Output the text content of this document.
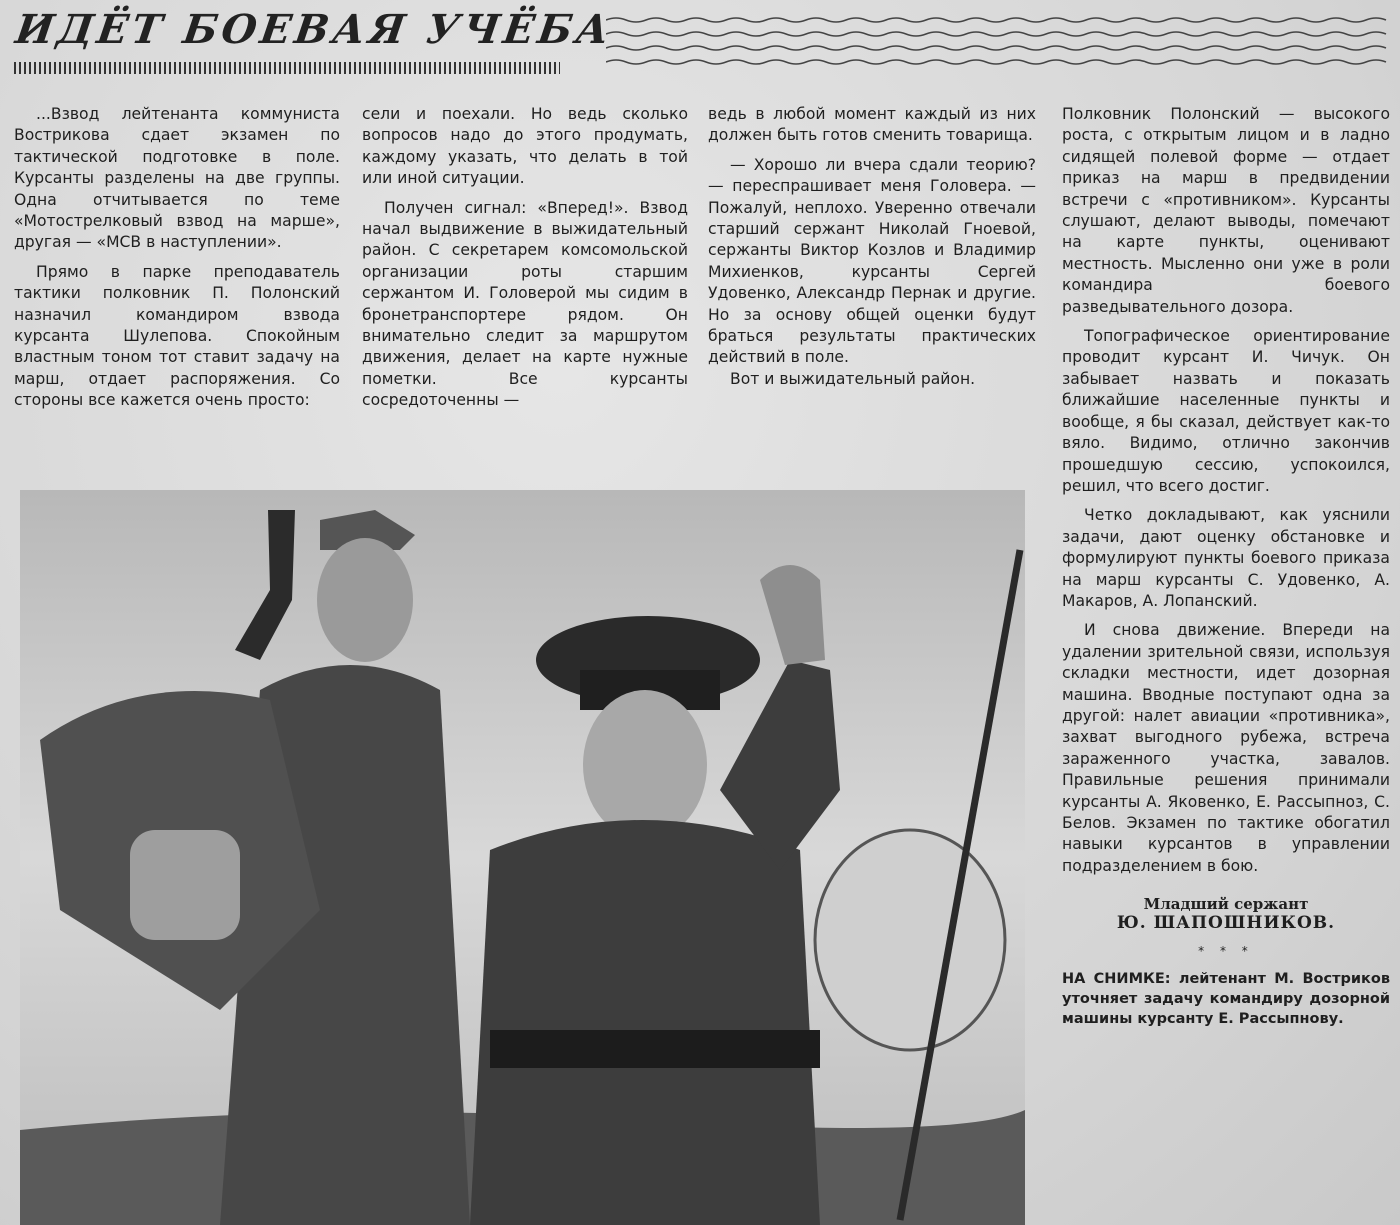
ИДЁТ БОЕВАЯ УЧЁБА

...Взвод лейтенанта коммуниста Вострикова сдает экзамен по тактической подготовке в поле. Курсанты разделены на две группы. Одна отчитывается по теме «Мотострелковый взвод на марше», другая — «МСВ в наступлении».

Прямо в парке преподаватель тактики полковник П. Полонский назначил командиром взвода курсанта Шулепова. Спокойным властным тоном тот ставит задачу на марш, отдает распоряжения. Со стороны все кажется очень просто:

сели и поехали. Но ведь сколько вопросов надо до этого продумать, каждому указать, что делать в той или иной ситуации.

Получен сигнал: «Вперед!». Взвод начал выдвижение в выжидательный район. С секретарем комсомольской организации роты старшим сержантом И. Головерой мы сидим в бронетранспортере рядом. Он внимательно следит за маршрутом движения, делает на карте нужные пометки. Все курсанты сосредоточенны —

ведь в любой момент каждый из них должен быть готов сменить товарища.

— Хорошо ли вчера сдали теорию? — переспрашивает меня Головера. — Пожалуй, неплохо. Уверенно отвечали старший сержант Николай Гноевой, сержанты Виктор Козлов и Владимир Михиенков, курсанты Сергей Удовенко, Александр Пернак и другие. Но за основу общей оценки будут браться результаты практических действий в поле.

Вот и выжидательный район.

Полковник Полонский — высокого роста, с открытым лицом и в ладно сидящей полевой форме — отдает приказ на марш в предвидении встречи с «противником». Курсанты слушают, делают выводы, помечают на карте пункты, оценивают местность. Мысленно они уже в роли командира боевого разведывательного дозора.

Топографическое ориентирование проводит курсант И. Чичук. Он забывает назвать и показать ближайшие населенные пункты и вообще, я бы сказал, действует как-то вяло. Видимо, отлично закончив прошедшую сессию, успокоился, решил, что всего достиг.

Четко докладывают, как уяснили задачи, дают оценку обстановке и формулируют пункты боевого приказа на марш курсанты С. Удовенко, А. Макаров, А. Лопанский.

И снова движение. Впереди на удалении зрительной связи, используя складки местности, идет дозорная машина. Вводные поступают одна за другой: налет авиации «противника», захват выгодного рубежа, встреча зараженного участка, завалов. Правильные решения принимали курсанты А. Яковенко, Е. Рассыпноз, С. Белов. Экзамен по тактике обогатил навыки курсантов в управлении подразделением в бою.

Младший сержант
Ю. ШАПОШНИКОВ.
* * *

НА СНИМКЕ: лейтенант М. Востриков уточняет задачу командиру дозорной машины курсанту Е. Рассыпнову.
